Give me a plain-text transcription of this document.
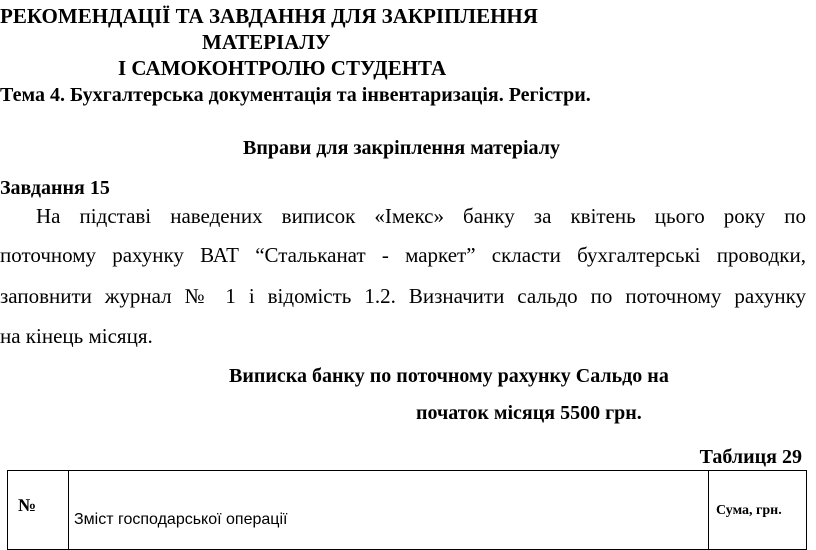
РЕКОМЕНДАЦІЇ ТА ЗАВДАННЯ ДЛЯ ЗАКРІПЛЕННЯ
МАТЕРІАЛУ
І САМОКОНТРОЛЮ СТУДЕНТА
Тема 4. Бухгалтерська документація та інвентаризація. Регістри.
Вправи для закріплення матеріалу
Завдання 15
На підставі наведених виписок «Імекс» банку за квітень цього року по
поточному рахунку ВАТ “Стальканат - маркет” скласти бухгалтерські проводки,
заповнити журнал № 1 і відомість 1.2. Визначити сальдо по поточному рахунку
на кінець місяця.
Виписка банку по поточному рахунку Сальдо на
початок місяця 5500 грн.
Таблиця 29
№
Зміст господарської операції
Сума, грн.
